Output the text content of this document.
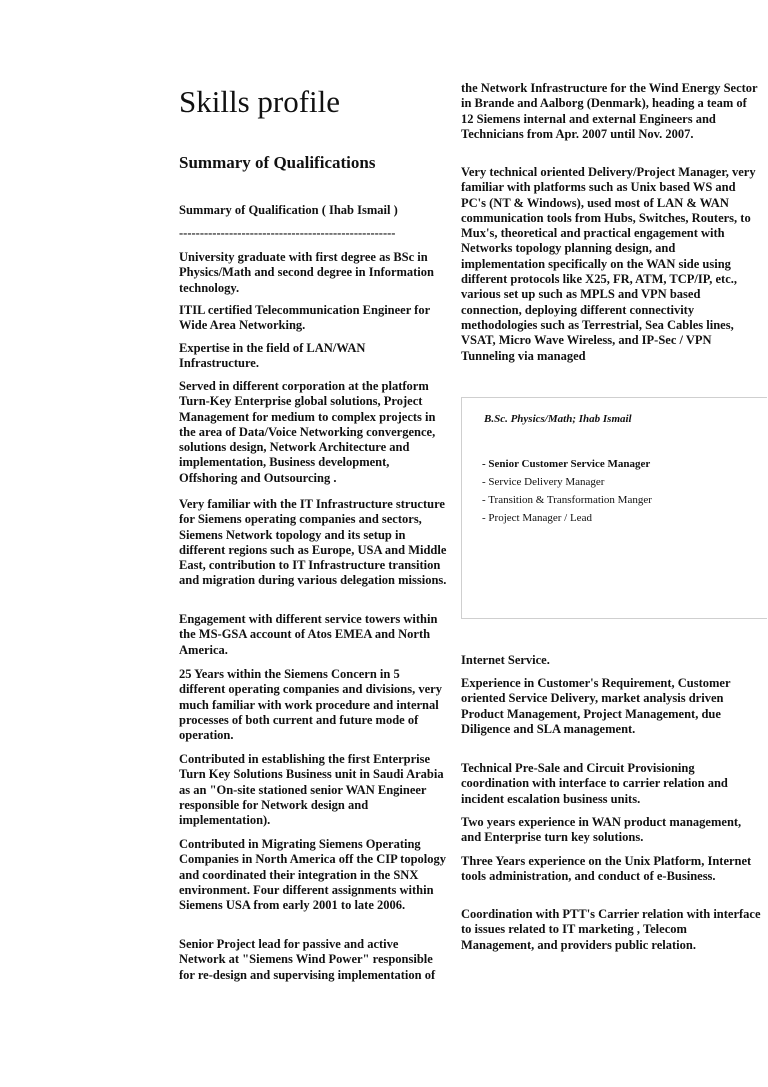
Skills profile
Summary of Qualifications
Summary of Qualification ( Ihab Ismail )
----------------------------------------------------

University graduate with first degree as BSc in Physics/Math and second degree in Information technology.

ITIL certified Telecommunication Engineer for Wide Area Networking.

Expertise in the field of LAN/WAN Infrastructure.

Served in different corporation at the platform Turn-Key Enterprise global solutions, Project Management for medium to complex projects in the area of Data/Voice Networking convergence, solutions design, Network Architecture and implementation, Business development, Offshoring and Outsourcing .

Very familiar with the IT Infrastructure structure for Siemens operating companies and sectors, Siemens Network topology and its setup in different regions such as Europe, USA and Middle East, contribution to IT Infrastructure transition and migration during various delegation missions.

Engagement with different service towers within the MS-GSA account of Atos EMEA and North America.

25 Years within the Siemens Concern in 5 different operating companies and divisions, very much familiar with work procedure and internal processes of both current and future mode of operation.

Contributed in establishing the first Enterprise Turn Key Solutions Business unit in Saudi Arabia as an "On-site stationed senior WAN Engineer responsible for Network design and implementation).

Contributed in Migrating Siemens Operating Companies in North America off the CIP topology and coordinated their integration in the SNX environment. Four different assignments within Siemens USA from early 2001 to late 2006.

Senior Project lead for passive and active Network at "Siemens Wind Power" responsible for re-design and supervising implementation of

the Network Infrastructure for the Wind Energy Sector in Brande and Aalborg (Denmark), heading a team of 12 Siemens internal and external Engineers and Technicians from Apr. 2007 until Nov. 2007.

Very technical oriented Delivery/Project Manager, very familiar with platforms such as Unix based WS and PC's (NT & Windows), used most of LAN & WAN communication tools from Hubs, Switches, Routers, to Mux's, theoretical and practical engagement with Networks topology planning design, and implementation specifically on the WAN side using different protocols like X25, FR, ATM, TCP/IP, etc., various set up such as MPLS and VPN based connection, deploying different connectivity methodologies such as Terrestrial, Sea Cables lines, VSAT, Micro Wave Wireless, and IP-Sec / VPN Tunneling via managed

Internet Service.

Experience in Customer's Requirement, Customer oriented Service Delivery, market analysis driven Product Management, Project Management, due Diligence and SLA management.

Technical Pre-Sale and Circuit Provisioning coordination with interface to carrier relation and incident escalation business units.

Two years experience in WAN product management, and Enterprise turn key solutions.

Three Years experience on the Unix Platform, Internet tools administration, and conduct of e-Business.

Coordination with PTT's Carrier relation with interface to issues related to IT marketing , Telecom Management, and providers public relation.

B.Sc. Physics/Math; Ihab Ismail
- Senior Customer Service Manager
- Service Delivery Manager
- Transition & Transformation Manger
- Project Manager / Lead
